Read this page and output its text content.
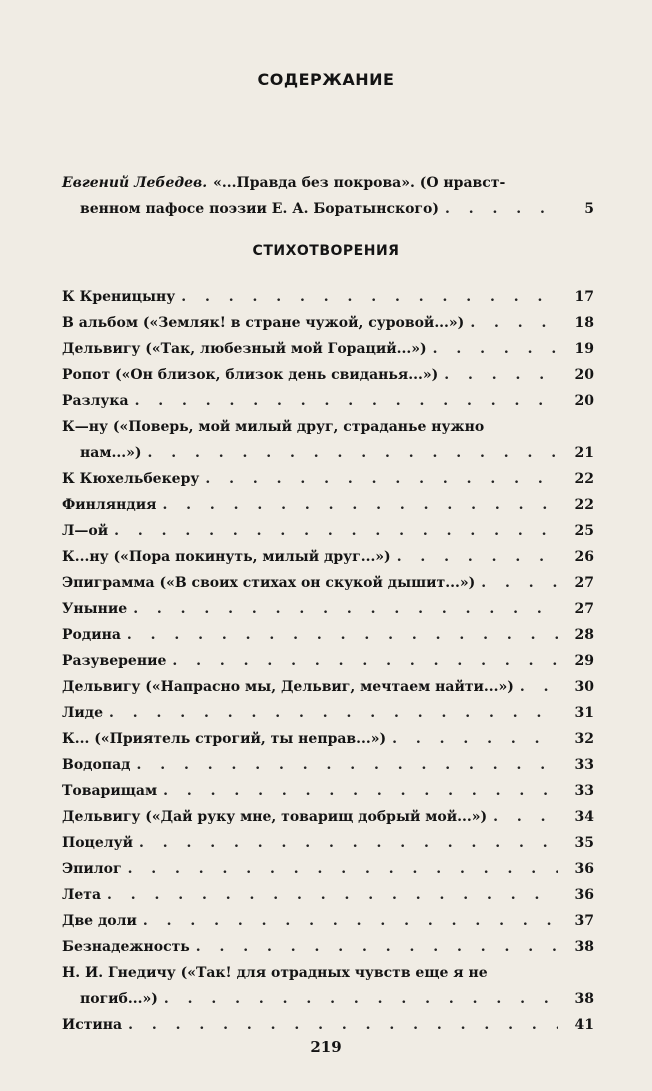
СОДЕРЖАНИЕ
Евгений Лебедев. «...Правда без покрова». (О нравст-
венном пафосе поэзии Е. А. Боратынского) . . .	5
СТИХОТВОРЕНИЯ
К Креницыну . . .	17
В альбом («Земляк! в стране чужой, суровой...») . . .	18
Дельвигу («Так, любезный мой Гораций...») . . .	19
Ропот («Он близок, близок день свиданья...») . . .	20
Разлука . . .	20
К—ну («Поверь, мой милый друг, страданье нужно
нам...») . . .	21
К Кюхельбекеру . . .	22
Финляндия . . .	22
Л—ой . . .	25
К...ну («Пора покинуть, милый друг...») . . .	26
Эпиграмма («В своих стихах он скукой дышит...») . . .	27
Уныние . . .	27
Родина . . .	28
Разуверение . . .	29
Дельвигу («Напрасно мы, Дельвиг, мечтаем найти...») . . .	30
Лиде . . .	31
К... («Приятель строгий, ты неправ...») . . .	32
Водопад . . .	33
Товарищам . . .	33
Дельвигу («Дай руку мне, товарищ добрый мой...») . . .	34
Поцелуй . . .	35
Эпилог . . .	36
Лета . . .	36
Две доли . . .	37
Безнадежность . . .	38
Н. И. Гнедичу («Так! для отрадных чувств еще я не
погиб...») . . .	38
Истина . . .	41
219
